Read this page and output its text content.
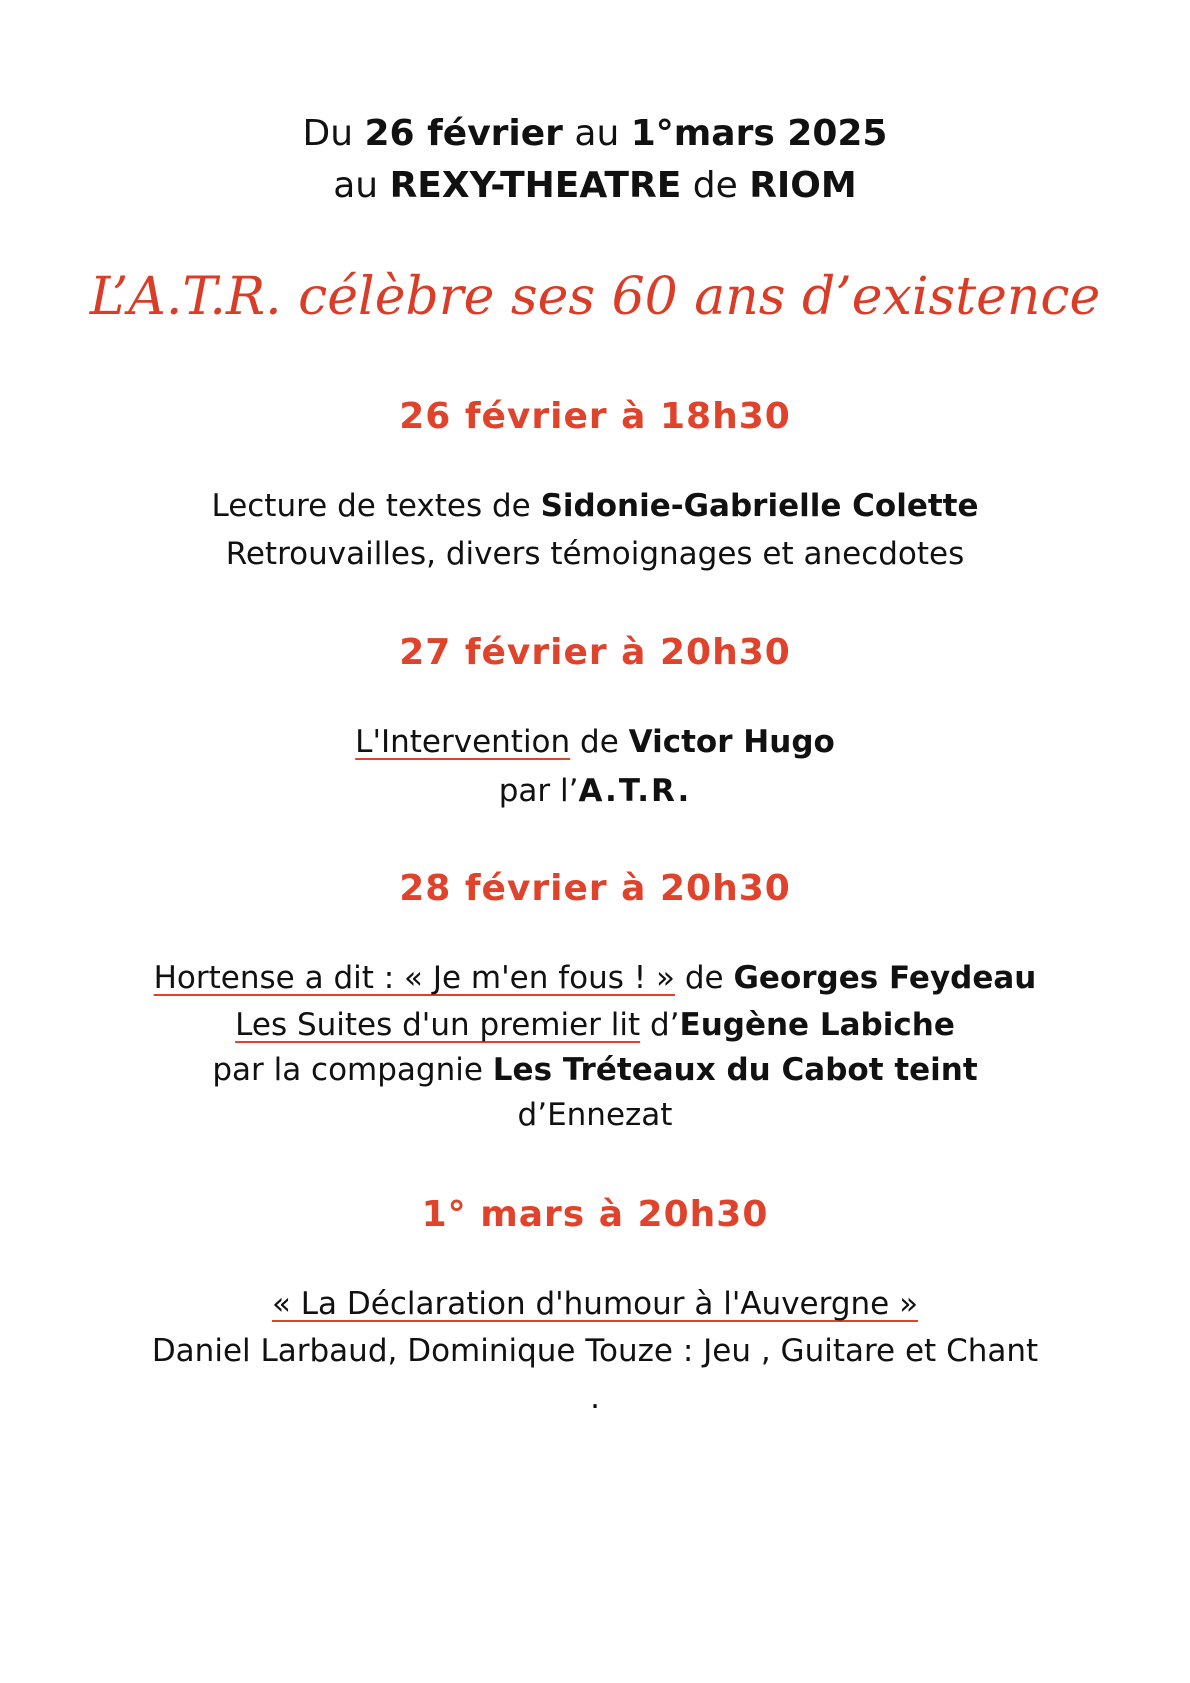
Du 26 février au 1°mars 2025
au REXY-THEATRE de RIOM
L’A.T.R. célèbre ses 60 ans d’existence
26 février à 18h30
Lecture de textes de Sidonie-Gabrielle Colette
Retrouvailles, divers témoignages et anecdotes
27 février à 20h30
L'Intervention de Victor Hugo
par l’A.T.R.
28 février à 20h30
Hortense a dit : « Je m'en fous ! » de Georges Feydeau
Les Suites d'un premier lit d’Eugène Labiche
par la compagnie Les Tréteaux du Cabot teint
d’Ennezat
1° mars à 20h30
« La Déclaration d'humour à l'Auvergne »
Daniel Larbaud, Dominique Touze : Jeu , Guitare et Chant
.
